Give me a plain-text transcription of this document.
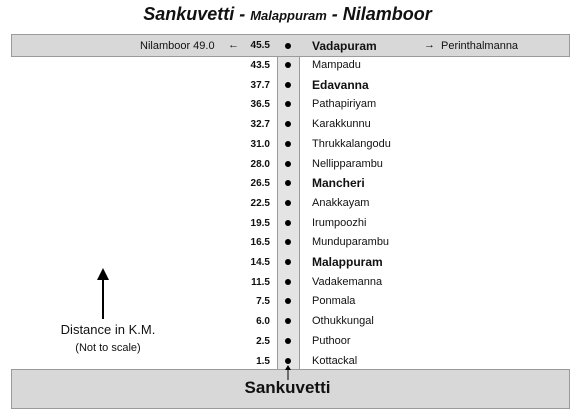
Sankuvetti - Malappuram - Nilamboor
Nilamboor 49.0 ← 45.5	Vadapuram	→ Perinthalmanna
43.5	Mampadu
37.7	Edavanna
36.5	Pathapiriyam
32.7	Karakkunnu
31.0	Thrukkalangodu
28.0	Nellipparambu
26.5	Mancheri
22.5	Anakkayam
19.5	Irumpoozhi
16.5	Munduparambu
14.5	Malappuram
11.5	Vadakemanna
7.5	Ponmala
6.0	Othukkungal
2.5	Puthoor
1.5	Kottackal
Sankuvetti
Distance in K.M.
(Not to scale)
